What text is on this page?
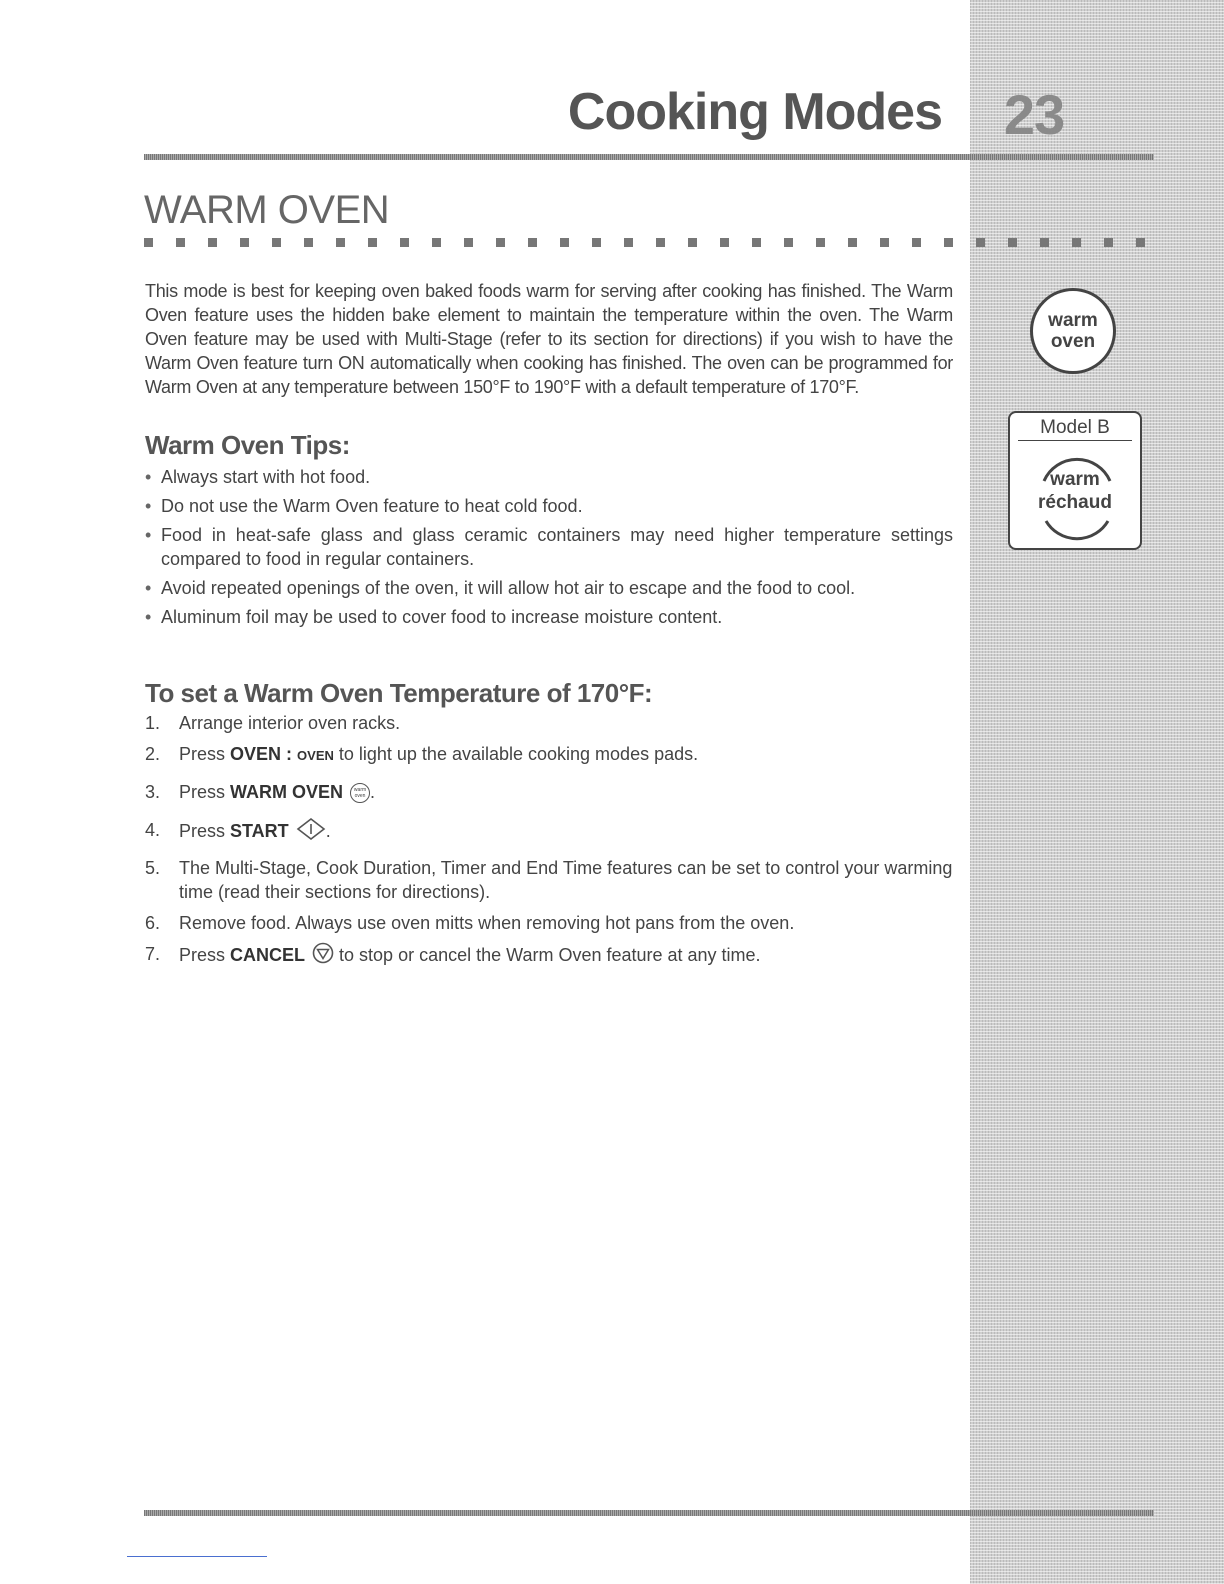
Cooking Modes	23
WARM OVEN

This mode is best for keeping oven baked foods warm for serving after cooking has finished. The Warm Oven feature uses the hidden bake element to maintain the temperature within the oven. The Warm Oven feature may be used with Multi-Stage (refer to its section for directions) if you wish to have the Warm Oven feature turn ON automatically when cooking has finished. The oven can be programmed for Warm Oven at any temperature between 150°F to 190°F with a default temperature of 170°F.

Warm Oven Tips:
• Always start with hot food.
• Do not use the Warm Oven feature to heat cold food.
• Food in heat-safe glass and glass ceramic containers may need higher temperature settings compared to food in regular containers.
• Avoid repeated openings of the oven, it will allow hot air to escape and the food to cool.
• Aluminum foil may be used to cover food to increase moisture content.
To set a Warm Oven Temperature of 170°F:
1. Arrange interior oven racks.
2. Press OVEN : OVEN to light up the available cooking modes pads.
3. Press WARM OVEN	warm oven .
4. Press START .
5. The Multi-Stage, Cook Duration, Timer and End Time features can be set to control your warming time (read their sections for directions).
6. Remove food. Always use oven mitts when removing hot pans from the oven.
7. Press CANCEL  to stop or cancel the Warm Oven feature at any time.
warm
oven
Model B
warm
réchaud
